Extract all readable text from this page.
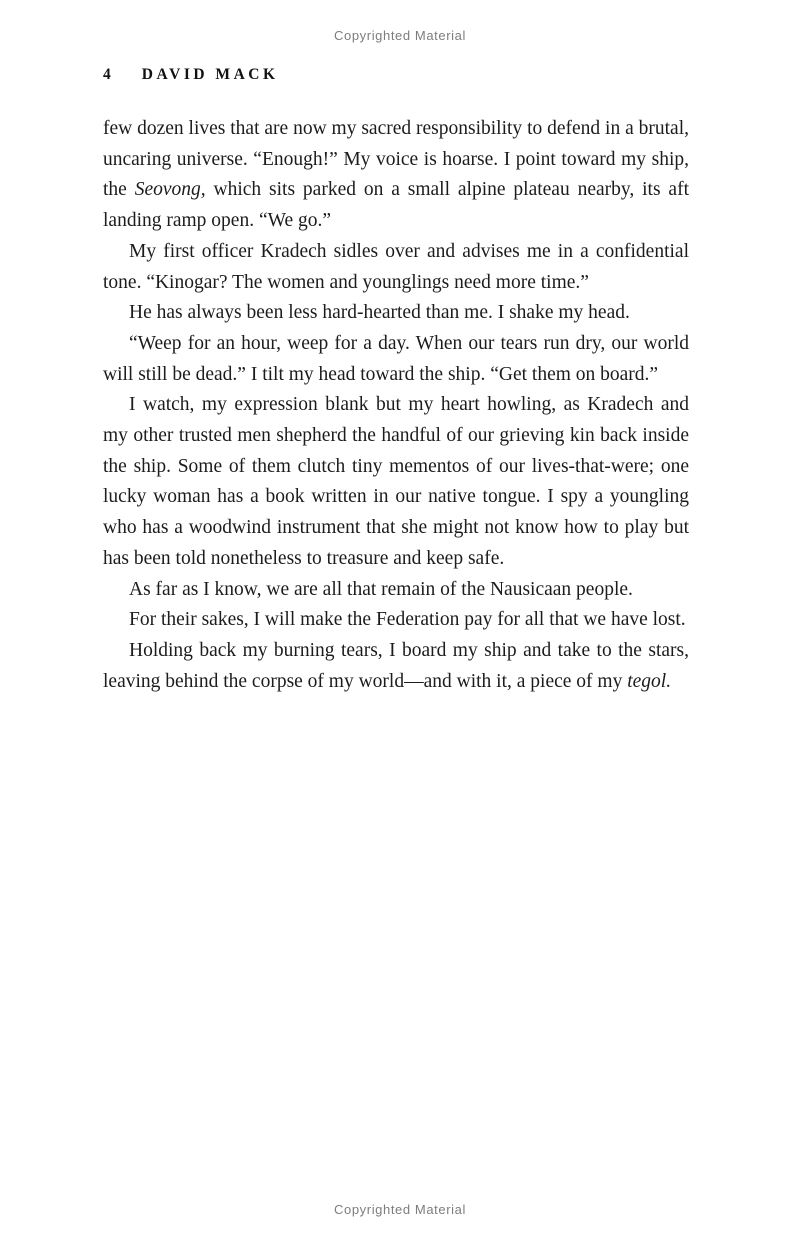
Copyrighted Material
4 DAVID MACK

few dozen lives that are now my sacred responsibility to defend in a brutal, uncaring universe. “Enough!” My voice is hoarse. I point toward my ship, the Seovong, which sits parked on a small alpine plateau nearby, its aft landing ramp open. “We go.”

My first officer Kradech sidles over and advises me in a confidential tone. “Kinogar? The women and younglings need more time.”

He has always been less hard-hearted than me. I shake my head.

“Weep for an hour, weep for a day. When our tears run dry, our world will still be dead.” I tilt my head toward the ship. “Get them on board.”

I watch, my expression blank but my heart howling, as Kradech and my other trusted men shepherd the handful of our grieving kin back inside the ship. Some of them clutch tiny mementos of our lives-that-were; one lucky woman has a book written in our native tongue. I spy a youngling who has a woodwind instrument that she might not know how to play but has been told nonetheless to treasure and keep safe.

As far as I know, we are all that remain of the Nausicaan people.

For their sakes, I will make the Federation pay for all that we have lost.

Holding back my burning tears, I board my ship and take to the stars, leaving behind the corpse of my world—and with it, a piece of my tegol.

Copyrighted Material
